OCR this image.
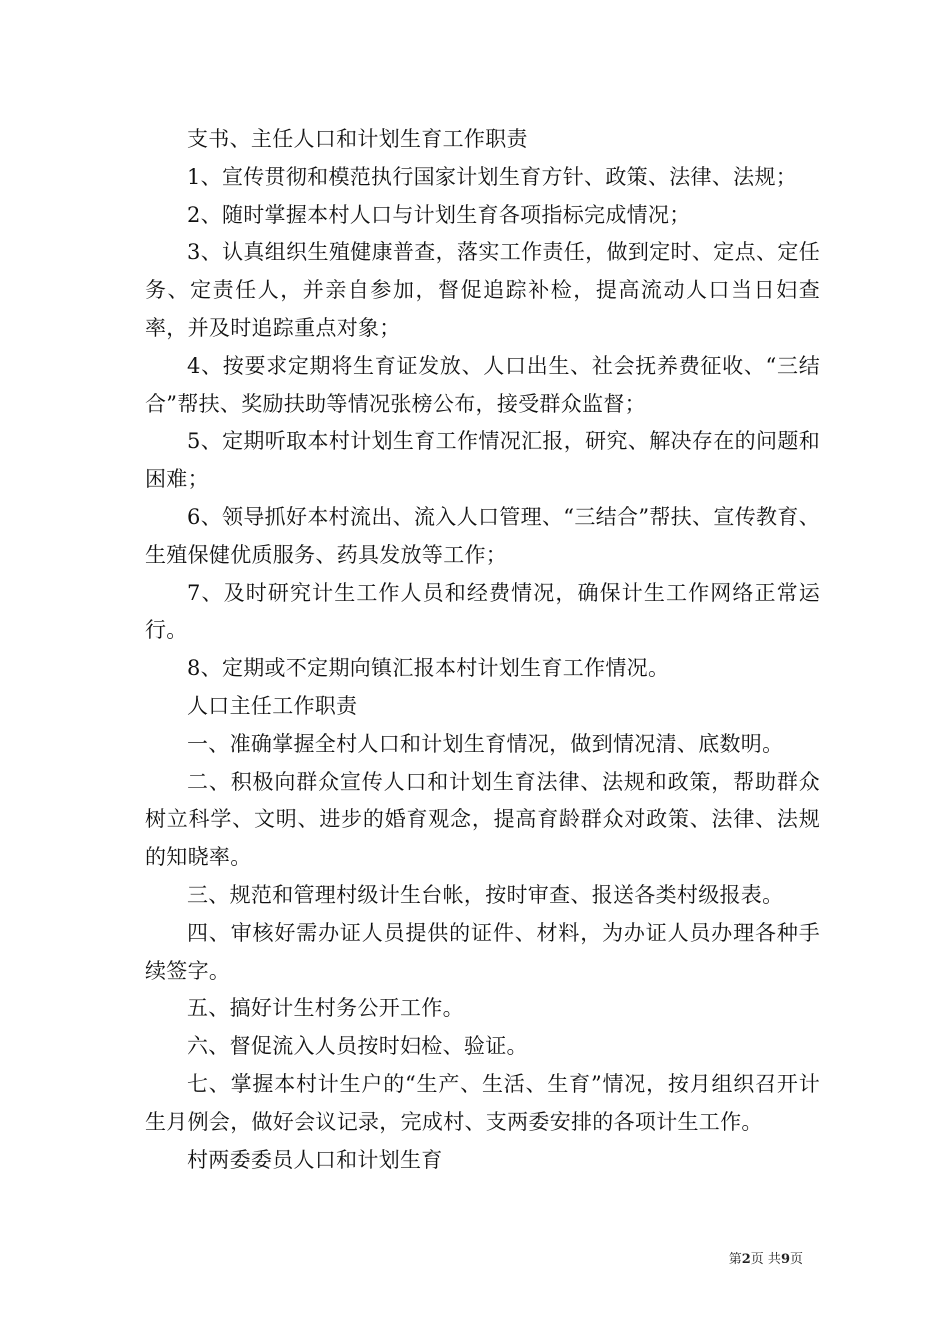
支书、主任人口和计划生育工作职责

1、宣传贯彻和模范执行国家计划生育方针、政策、法律、法规；

2、随时掌握本村人口与计划生育各项指标完成情况；

3、认真组织生殖健康普查，落实工作责任，做到定时、定点、定任务、定责任人，并亲自参加，督促追踪补检，提高流动人口当日妇查率，并及时追踪重点对象；

4、按要求定期将生育证发放、人口出生、社会抚养费征收、“三结合”帮扶、奖励扶助等情况张榜公布，接受群众监督；

5、定期听取本村计划生育工作情况汇报，研究、解决存在的问题和困难；

6、领导抓好本村流出、流入人口管理、“三结合”帮扶、宣传教育、生殖保健优质服务、药具发放等工作；

7、及时研究计生工作人员和经费情况，确保计生工作网络正常运行。

8、定期或不定期向镇汇报本村计划生育工作情况。

人口主任工作职责

一、准确掌握全村人口和计划生育情况，做到情况清、底数明。

二、积极向群众宣传人口和计划生育法律、法规和政策，帮助群众树立科学、文明、进步的婚育观念，提高育龄群众对政策、法律、法规的知晓率。

三、规范和管理村级计生台帐，按时审查、报送各类村级报表。

四、审核好需办证人员提供的证件、材料，为办证人员办理各种手续签字。

五、搞好计生村务公开工作。

六、督促流入人员按时妇检、验证。

七、掌握本村计生户的“生产、生活、生育”情况，按月组织召开计生月例会，做好会议记录，完成村、支两委安排的各项计生工作。

村两委委员人口和计划生育

第2页 共9页
